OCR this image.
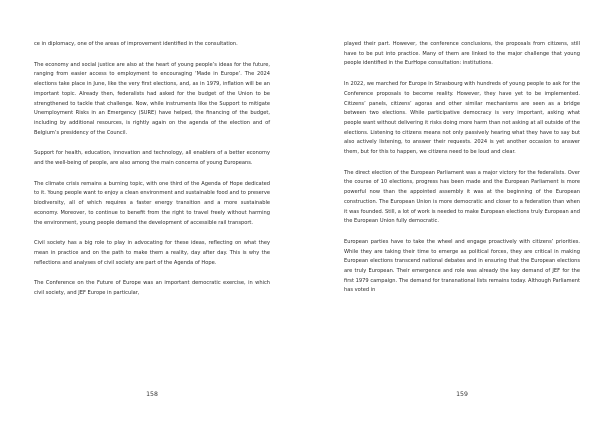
ce in diplomacy, one of the areas of improvement identified in the consultation.

The economy and social justice are also at the heart of young people’s ideas for the future, ranging from easier access to employment to encouraging ‘Made in Europe’. The 2024 elections take place in June, like the very first elections, and, as in 1979, inflation will be an important topic. Already then, federalists had asked for the budget of the Union to be strengthened to tackle that challenge. Now, while instruments like the Support to mitigate Unemployment Risks in an Emergency (SURE) have helped, the financing of the budget, including by additional resources, is rightly again on the agenda of the election and of Belgium’s presidency of the Council.

Support for health, education, innovation and technology, all enablers of a better economy and the well-being of people, are also among the main concerns of young Europeans.

The climate crisis remains a burning topic, with one third of the Agenda of Hope dedicated to it. Young people want to enjoy a clean environment and sustainable food and to preserve biodiversity, all of which requires a faster energy transition and a more sustainable economy. Moreover, to continue to benefit from the right to travel freely without harming the environment, young people demand the development of accessible rail transport.

Civil society has a big role to play in advocating for these ideas, reflecting on what they mean in practice and on the path to make them a reality, day after day. This is why the reflections and analyses of civil society are part of the Agenda of Hope.

The Conference on the Future of Europe was an important democratic exercise, in which civil society, and JEF Europe in particular,

158

played their part. However, the conference conclusions, the proposals from citizens, still have to be put into practice. Many of them are linked to the major challenge that young people identified in the EurHope consultation: institutions.

In 2022, we marched for Europe in Strasbourg with hundreds of young people to ask for the Conference proposals to become reality. However, they have yet to be implemented. Citizens’ panels, citizens’ agoras and other similar mechanisms are seen as a bridge between two elections. While participative democracy is very important, asking what people want without delivering it risks doing more harm than not asking at all outside of the elections. Listening to citizens means not only passively hearing what they have to say but also actively listening, to answer their requests. 2024 is yet another occasion to answer them, but for this to happen, we citizens need to be loud and clear.

The direct election of the European Parliament was a major victory for the federalists. Over the course of 10 elections, progress has been made and the European Parliament is more powerful now than the appointed assembly it was at the beginning of the European construction. The European Union is more democratic and closer to a federation than when it was founded. Still, a lot of work is needed to make European elections truly European and the European Union fully democratic.

European parties have to take the wheel and engage proactively with citizens’ priorities. While they are taking their time to emerge as political forces, they are critical in making European elections transcend national debates and in ensuring that the European elections are truly European. Their emergence and role was already the key demand of JEF for the first 1979 campaign. The demand for transnational lists remains today. Although Parliament has voted in

159
